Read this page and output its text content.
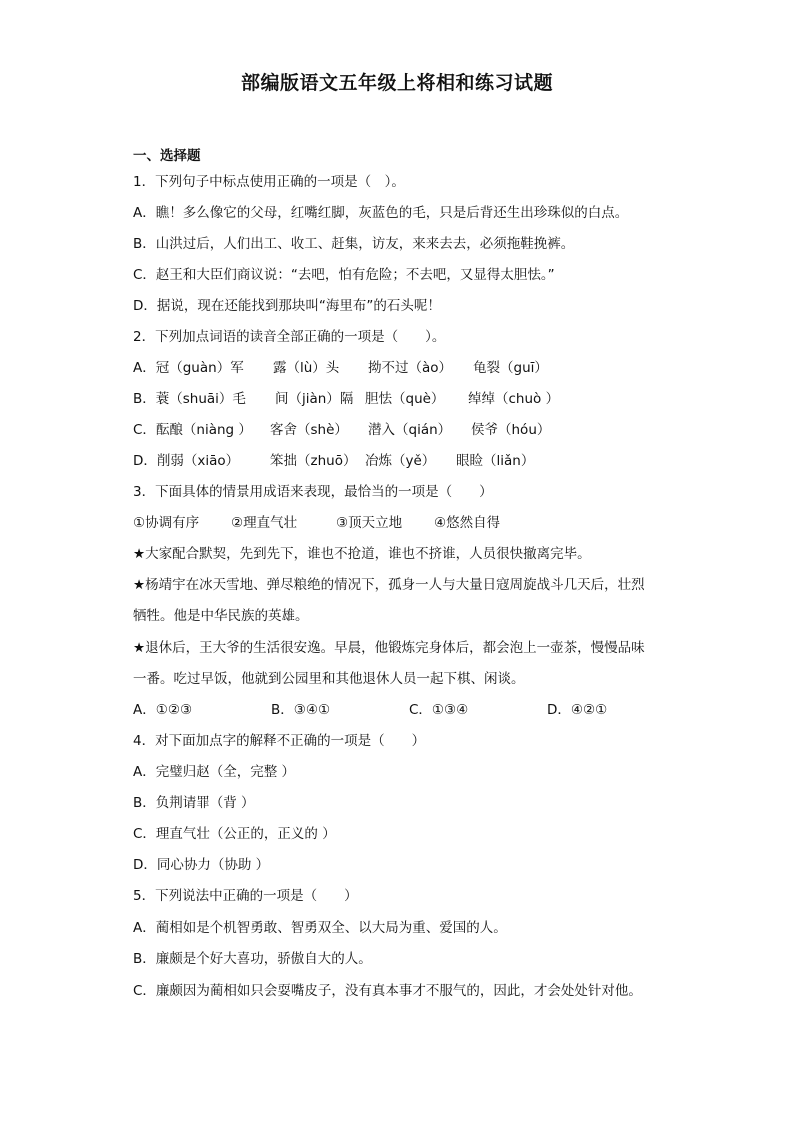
部编版语文五年级上将相和练习试题
一、选择题
1．下列句子中标点使用正确的一项是（　）。
A．瞧！多么像它的父母，红嘴红脚，灰蓝色的毛，只是后背还生出珍珠似的白点。
B．山洪过后，人们出工、收工、赶集，访友，来来去去，必须拖鞋挽裤。
C．赵王和大臣们商议说：“去吧，怕有危险；不去吧，又显得太胆怯。”
D．据说，现在还能找到那块叫“海里布”的石头呢！
2．下列加点词语的读音全部正确的一项是（　　）。
A．冠（guàn）军 露（lù）头 拗不过（ào） 龟裂（guī）
B．蓑（shuāi）毛 间（jiàn）隔 胆怯（què） 绰绰（chuò ）
C．酝酿（niàng ） 客舍（shè） 潜入（qián） 侯爷（hóu）
D．削弱（xiāo） 笨拙（zhuō） 冶炼（yě） 眼睑（liǎn）
3．下面具体的情景用成语来表现，最恰当的一项是（　　）
①协调有序 ②理直气壮	③顶天立地 ④悠然自得
★大家配合默契，先到先下，谁也不抢道，谁也不挤谁，人员很快撤离完毕。
★杨靖宇在冰天雪地、弹尽粮绝的情况下，孤身一人与大量日寇周旋战斗几天后，壮烈
牺牲。他是中华民族的英雄。
★退休后，王大爷的生活很安逸。早晨，他锻炼完身体后，都会泡上一壶茶，慢慢品味
一番。吃过早饭，他就到公园里和其他退休人员一起下棋、闲谈。
A．①②③	B．③④①	C．①③④	D．④②①
4．对下面加点字的解释不正确的一项是（　　）
A．完璧归赵（全，完整 ）
B．负荆请罪（背 ）
C．理直气壮（公正的，正义的 ）
D．同心协力（协助 ）
5．下列说法中正确的一项是（　　）
A．蔺相如是个机智勇敢、智勇双全、以大局为重、爱国的人。
B．廉颇是个好大喜功，骄傲自大的人。
C．廉颇因为蔺相如只会耍嘴皮子，没有真本事才不服气的，因此，才会处处针对他。
